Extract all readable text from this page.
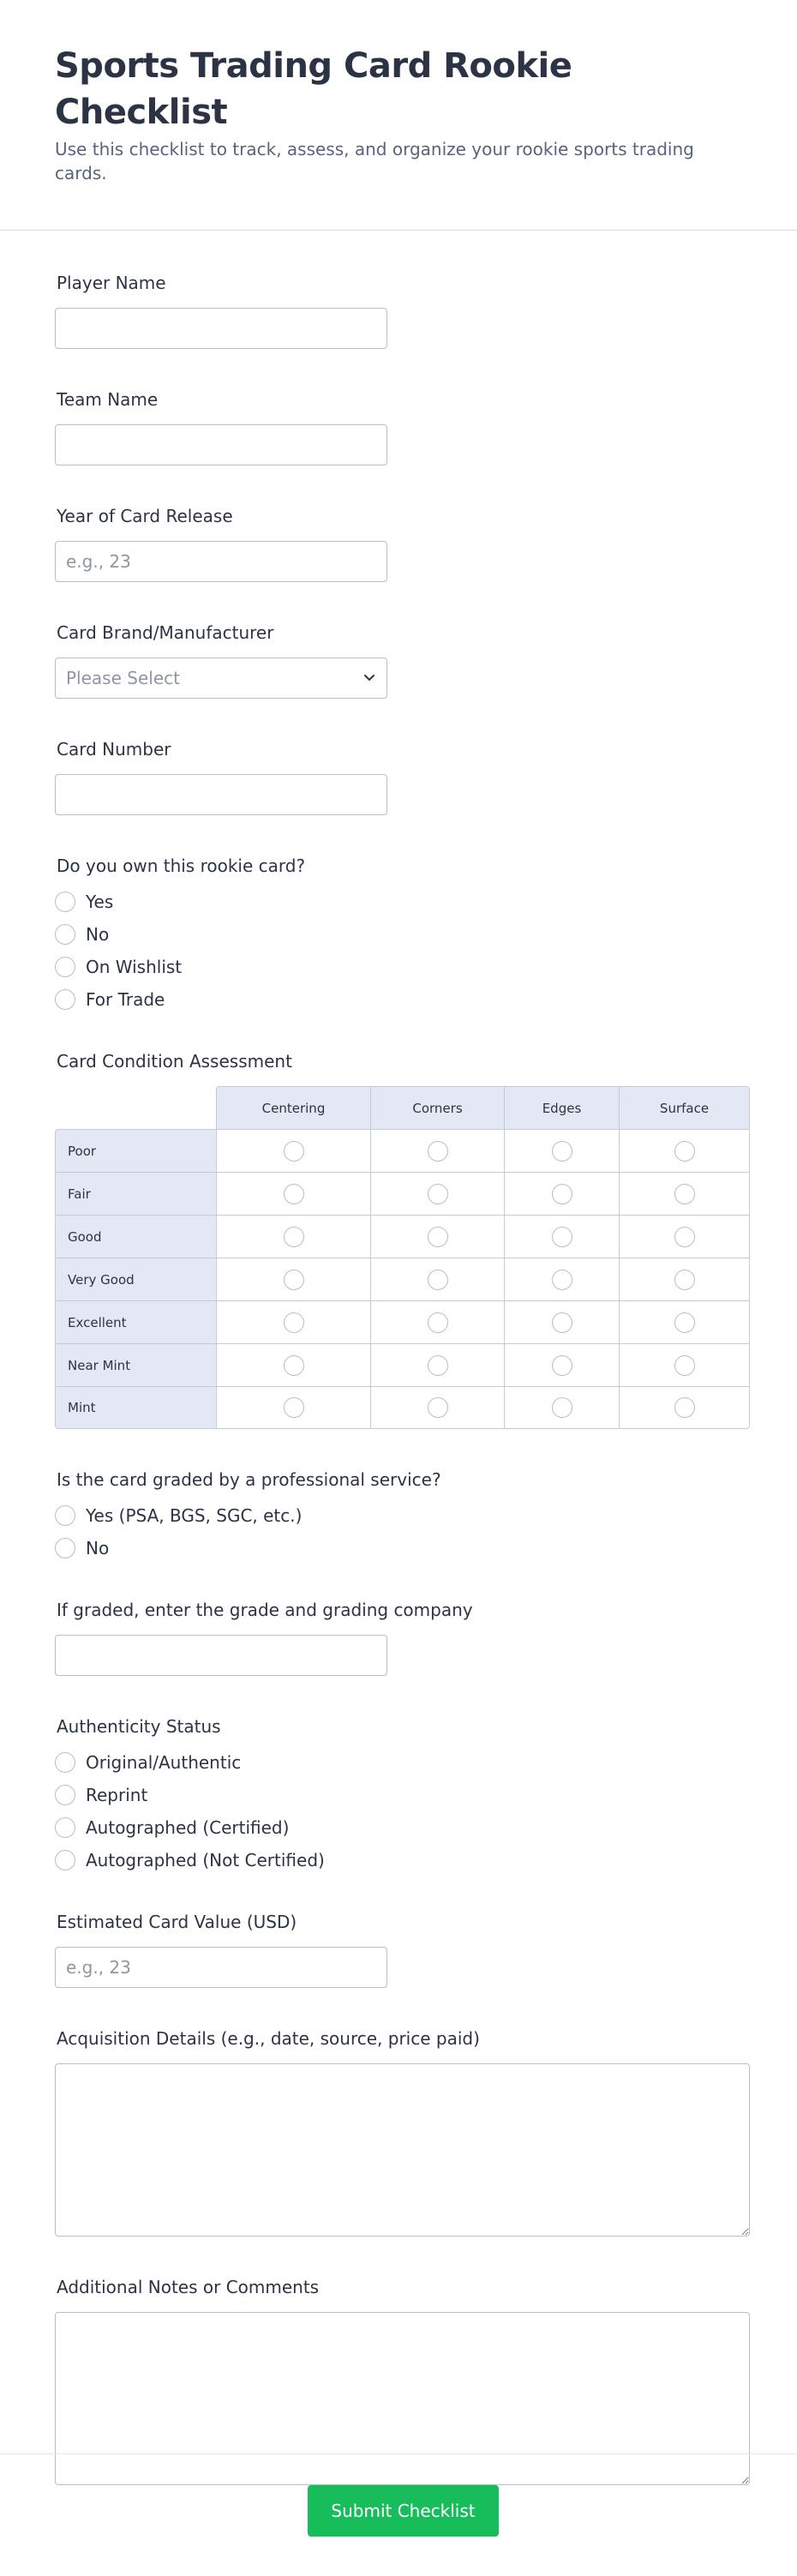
Sports Trading Card Rookie Checklist
Use this checklist to track, assess, and organize your rookie sports trading cards.
Player Name
Team Name
Year of Card Release
e.g., 23
Card Brand/Manufacturer
Please Select
Card Number
Do you own this rookie card?
Yes
No
On Wishlist
For Trade
Card Condition Assessment
	Centering	Corners	Edges	Surface
Poor				
Fair				
Good				
Very Good				
Excellent				
Near Mint				
Mint				
Is the card graded by a professional service?
Yes (PSA, BGS, SGC, etc.)
No
If graded, enter the grade and grading company
Authenticity Status
Original/Authentic
Reprint
Autographed (Certified)
Autographed (Not Certified)
Estimated Card Value (USD)
e.g., 23
Acquisition Details (e.g., date, source, price paid)
Additional Notes or Comments
Submit Checklist
